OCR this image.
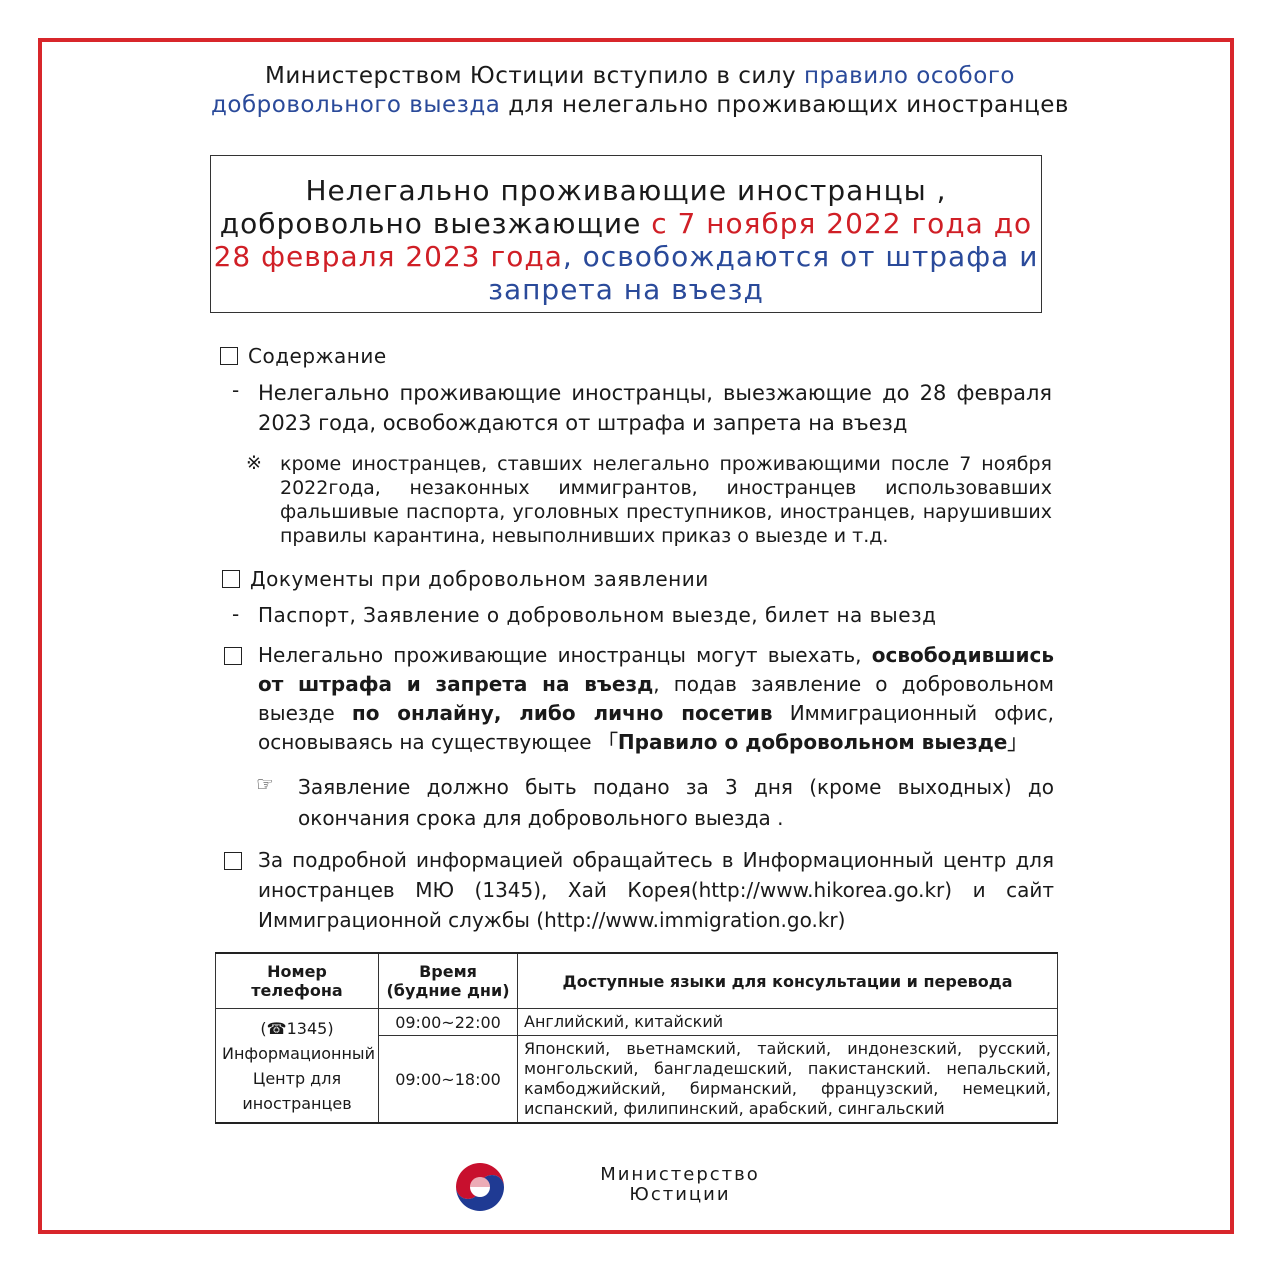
Министерством Юстиции вступило в силу правило особого добровольного выезда для нелегально проживающих иностранцев
Нелегально проживающие иностранцы , добровольно выезжающие с 7 ноября 2022 года до 28 февраля 2023 года, освобождаются от штрафа и запрета на въезд
Содержание
- Нелегально проживающие иностранцы, выезжающие до 28 февраля 2023 года, освобождаются от штрафа и запрета на въезд
※ кроме иностранцев, ставших нелегально проживающими после 7 ноября 2022года, незаконных иммигрантов, иностранцев использовавших фальшивые паспорта, уголовных преступников, иностранцев, нарушивших правилы карантина, невыполнивших приказ о выезде и т.д.
Документы при добровольном заявлении
- Паспорт, Заявление о добровольном выезде, билет на выезд
Нелегально проживающие иностранцы могут выехать, освободившись от штрафа и запрета на въезд, подав заявление о добровольном выезде по онлайну, либо лично посетив Иммиграционный офис, основываясь на существующее 「Правило о добровольном выезде」
☞ Заявление должно быть подано за 3 дня (кроме выходных) до окончания срока для добровольного выезда .
За подробной информацией обращайтесь в Информационный центр для иностранцев МЮ (1345), Хай Корея(http://www.hikorea.go.kr) и сайт Иммиграционной службы (http://www.immigration.go.kr)
Номер телефона	Время (будние дни)	Доступные языки для консультации и перевода
(☎1345) Информационный Центр для иностранцев	09:00~22:00	Английский, китайский
	09:00~18:00	Японский, вьетнамский, тайский, индонезский, русский, монгольский, бангладешский, пакистанский. непальский, камбоджийский, бирманский, французский, немецкий, испанский, филипинский, арабский, сингальский
Министерство
Юстиции
